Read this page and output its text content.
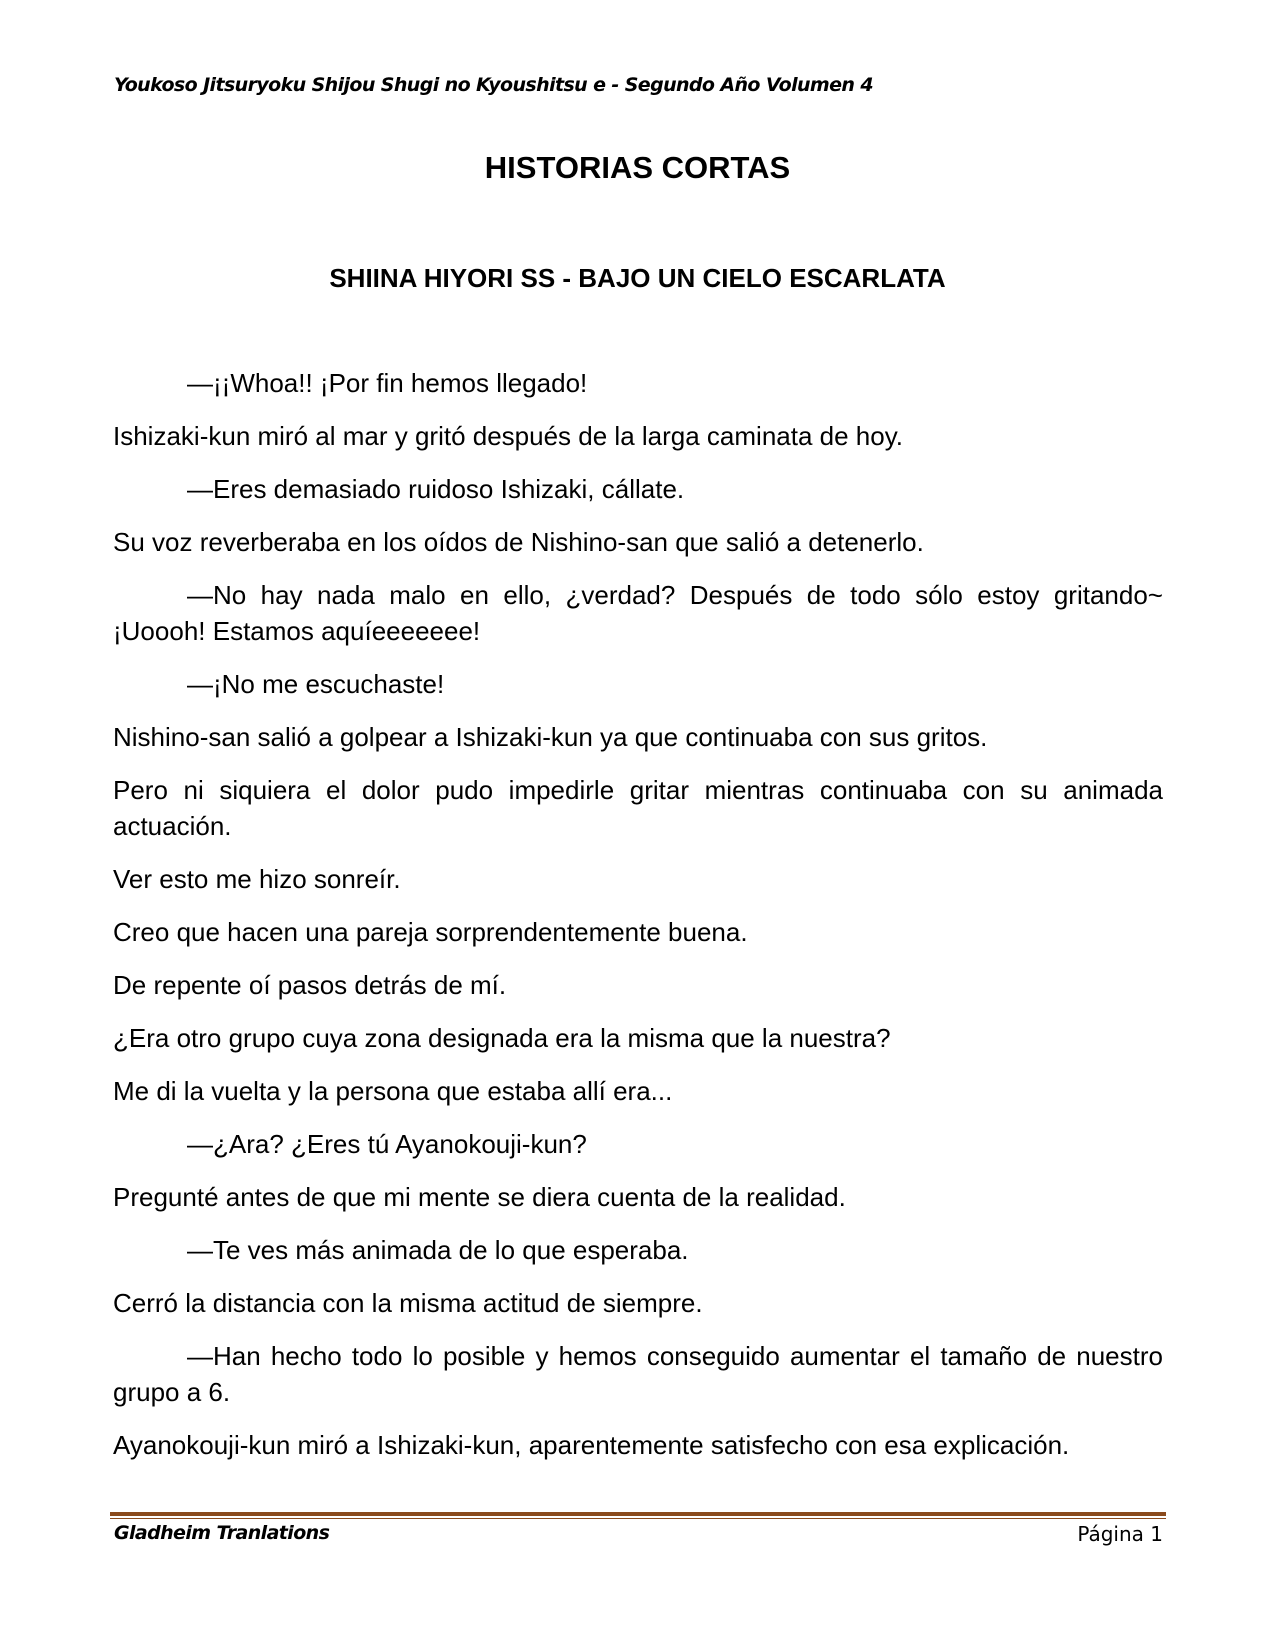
Youkoso Jitsuryoku Shijou Shugi no Kyoushitsu e - Segundo Año Volumen 4
HISTORIAS CORTAS
SHIINA HIYORI SS - BAJO UN CIELO ESCARLATA

—¡¡Whoa!! ¡Por fin hemos llegado!

Ishizaki-kun miró al mar y gritó después de la larga caminata de hoy.

—Eres demasiado ruidoso Ishizaki, cállate.

Su voz reverberaba en los oídos de Nishino-san que salió a detenerlo.

—No hay nada malo en ello, ¿verdad? Después de todo sólo estoy gritando~ ¡Uoooh! Estamos aquíeeeeeee!

—¡No me escuchaste!

Nishino-san salió a golpear a Ishizaki-kun ya que continuaba con sus gritos.

Pero ni siquiera el dolor pudo impedirle gritar mientras continuaba con su animada actuación.

Ver esto me hizo sonreír.

Creo que hacen una pareja sorprendentemente buena.

De repente oí pasos detrás de mí.

¿Era otro grupo cuya zona designada era la misma que la nuestra?

Me di la vuelta y la persona que estaba allí era...

—¿Ara? ¿Eres tú Ayanokouji-kun?

Pregunté antes de que mi mente se diera cuenta de la realidad.

—Te ves más animada de lo que esperaba.

Cerró la distancia con la misma actitud de siempre.

—Han hecho todo lo posible y hemos conseguido aumentar el tamaño de nuestro grupo a 6.

Ayanokouji-kun miró a Ishizaki-kun, aparentemente satisfecho con esa explicación.

Gladheim Tranlations	Página 1
